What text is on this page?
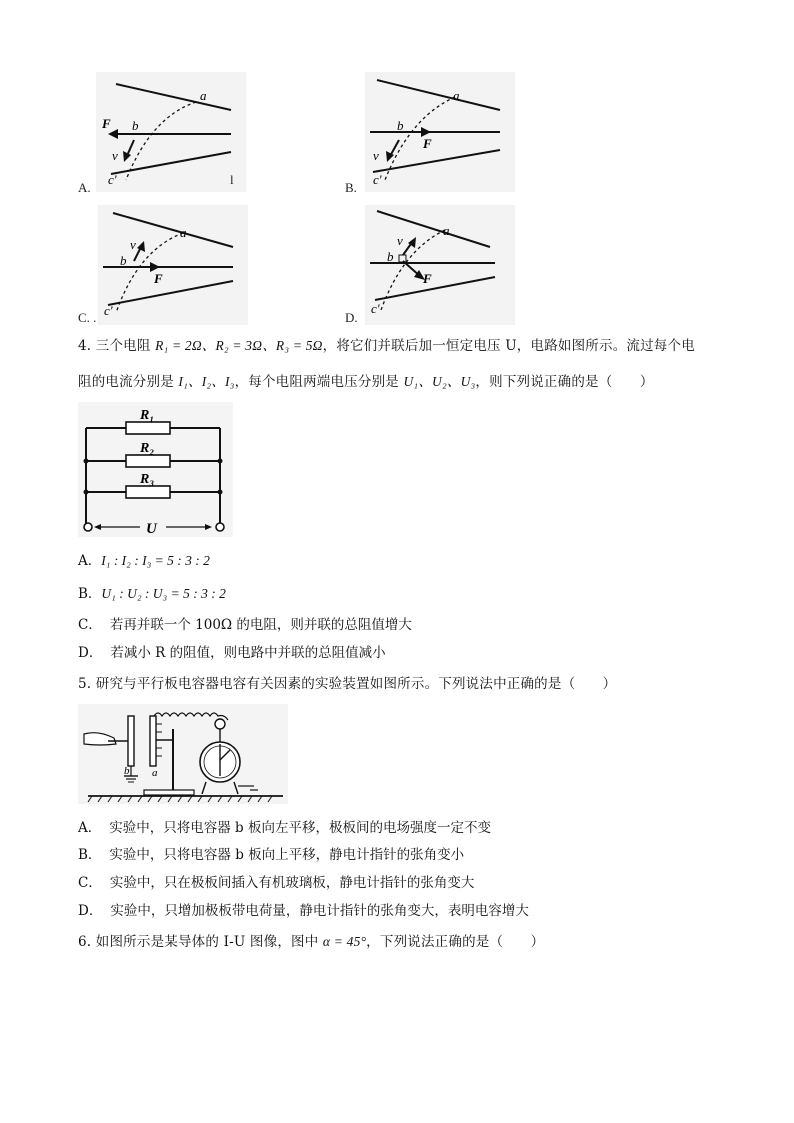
A.
a
b
c'
v
F
l
B.
a
b
c'
v
F
C. .
a
b
c'
v
F
D.
a
b
c'
v
F
4. 三个电阻 R₁ = 2Ω、R₂ = 3Ω、R₃ = 5Ω，将它们并联后加一恒定电压 U，电路如图所示。流过每个电
阻的电流分别是 I₁、I₂、I₃，每个电阻两端电压分别是 U₁、U₂、U₃，则下列说正确的是（　　）
R₁
R₂
R₃
U
A．I₁ : I₂ : I₃ = 5 : 3 : 2
B．U₁ : U₂ : U₃ = 5 : 3 : 2
C． 若再并联一个 100Ω 的电阻，则并联的总阻值增大
D． 若减小 R 的阻值，则电路中并联的总阻值减小
5. 研究与平行板电容器电容有关因素的实验装置如图所示。下列说法中正确的是（　　）
b a
A． 实验中，只将电容器 b 板向左平移，极板间的电场强度一定不变
B． 实验中，只将电容器 b 板向上平移，静电计指针的张角变小
C． 实验中，只在极板间插入有机玻璃板，静电计指针的张角变大
D． 实验中，只增加极板带电荷量，静电计指针的张角变大，表明电容增大
6. 如图所示是某导体的 I-U 图像，图中 α = 45°，下列说法正确的是（　　）
